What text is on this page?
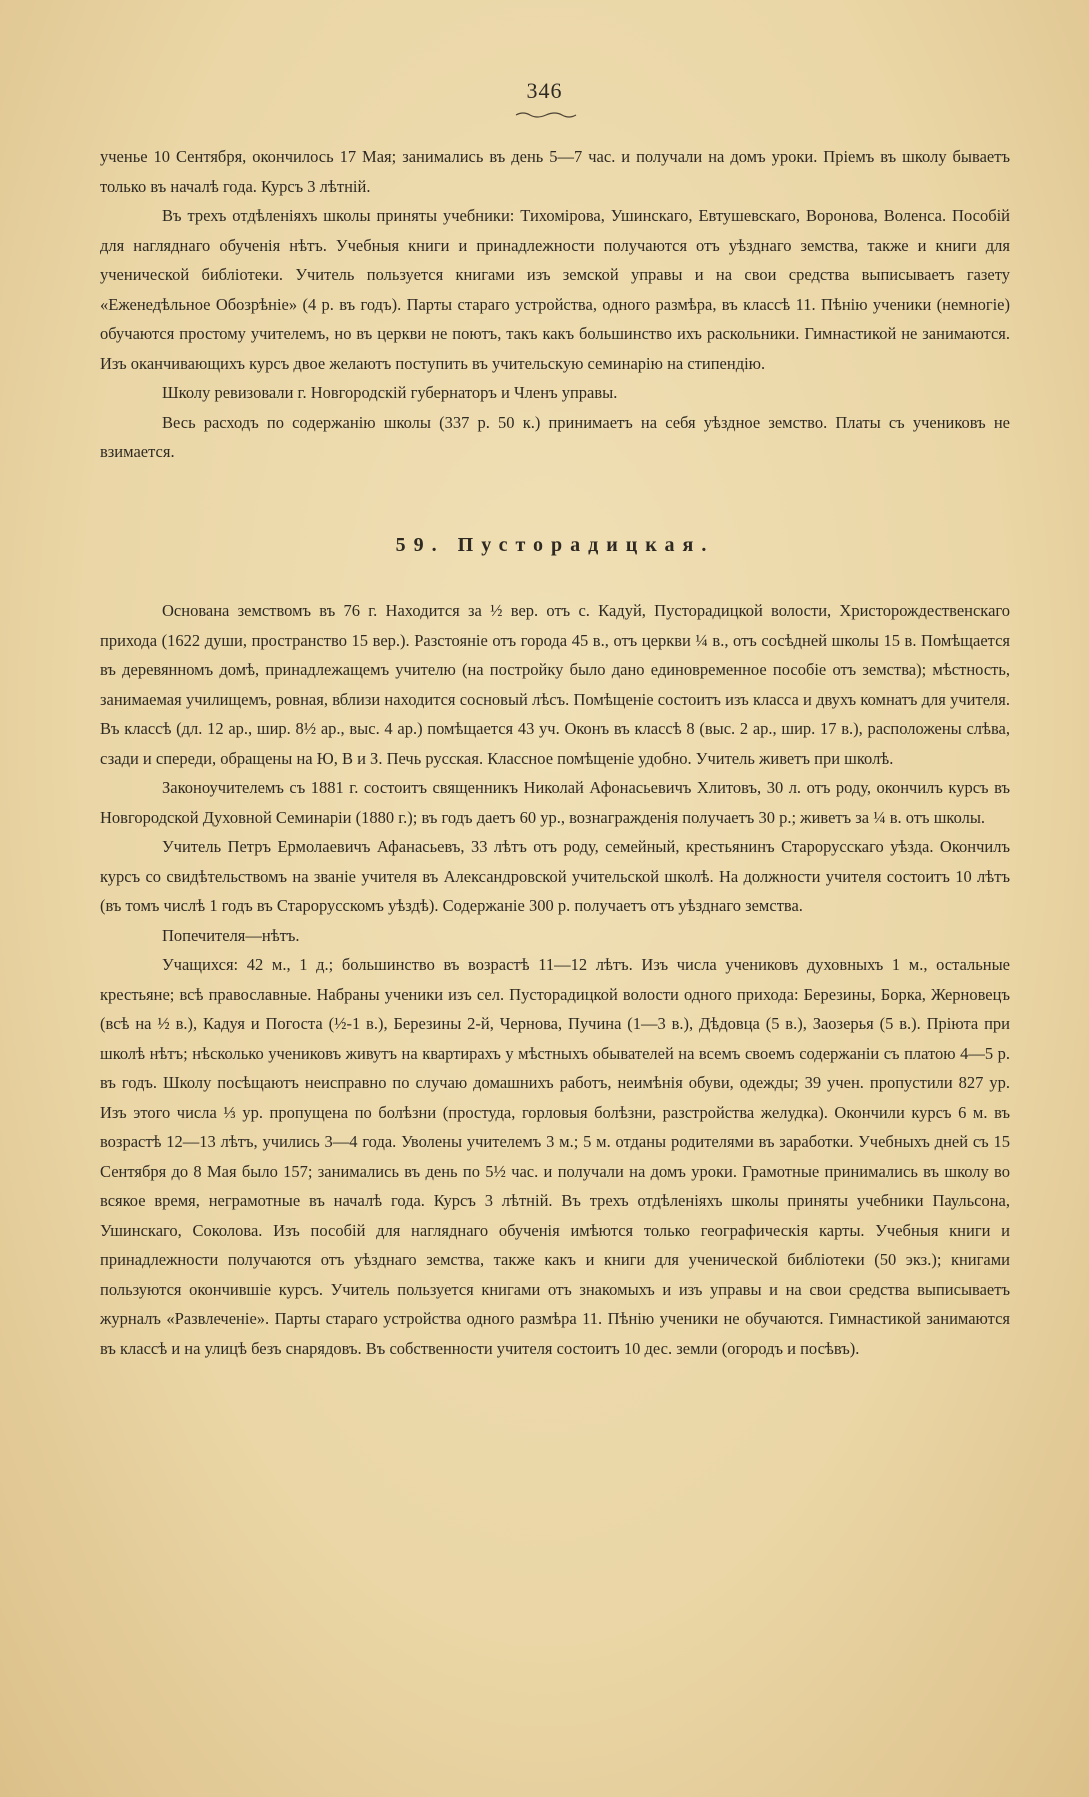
346

ученье 10 Сентября, окончилось 17 Мая; занимались въ день 5—7 час. и получали на домъ уроки. Пріемъ въ школу бываетъ только въ началѣ года. Курсъ 3 лѣтній.

Въ трехъ отдѣленіяхъ школы приняты учебники: Тихомірова, Ушинскаго, Евтушевскаго, Воронова, Воленса. Пособій для нагляднаго обученія нѣтъ. Учебныя книги и принадлежности получаются отъ уѣзднаго земства, также и книги для ученической библіотеки. Учитель пользуется книгами изъ земской управы и на свои средства выписываетъ газету «Еженедѣльное Обозрѣніе» (4 р. въ годъ). Парты стараго устройства, одного размѣра, въ классѣ 11. Пѣнію ученики (немногіе) обучаются простому учителемъ, но въ церкви не поютъ, такъ какъ большинство ихъ раскольники. Гимнастикой не занимаются. Изъ оканчивающихъ курсъ двое желаютъ поступить въ учительскую семинарію на стипендію.

Школу ревизовали г. Новгородскій губернаторъ и Членъ управы.

Весь расходъ по содержанію школы (337 р. 50 к.) принимаетъ на себя уѣздное земство. Платы съ учениковъ не взимается.

59. Пусторадицкая.

Основана земствомъ въ 76 г. Находится за ½ вер. отъ с. Кадуй, Пусторадицкой волости, Христорождественскаго прихода (1622 души, пространство 15 вер.). Разстояніе отъ города 45 в., отъ церкви ¼ в., отъ сосѣдней школы 15 в. Помѣщается въ деревянномъ домѣ, принадлежащемъ учителю (на постройку было дано единовременное пособіе отъ земства); мѣстность, занимаемая училищемъ, ровная, вблизи находится сосновый лѣсъ. Помѣщеніе состоитъ изъ класса и двухъ комнатъ для учителя. Въ классѣ (дл. 12 ар., шир. 8½ ар., выс. 4 ар.) помѣщается 43 уч. Оконъ въ классѣ 8 (выс. 2 ар., шир. 17 в.), расположены слѣва, сзади и спереди, обращены на Ю, В и З. Печь русская. Классное помѣщеніе удобно. Учитель живетъ при школѣ.

Законоучителемъ съ 1881 г. состоитъ священникъ Николай Афонасьевичъ Хлитовъ, 30 л. отъ роду, окончилъ курсъ въ Новгородской Духовной Семинаріи (1880 г.); въ годъ даетъ 60 ур., вознагражденія получаетъ 30 р.; живетъ за ¼ в. отъ школы.

Учитель Петръ Ермолаевичъ Афанасьевъ, 33 лѣтъ отъ роду, семейный, крестьянинъ Старорусскаго уѣзда. Окончилъ курсъ со свидѣтельствомъ на званіе учителя въ Александровской учительской школѣ. На должности учителя состоитъ 10 лѣтъ (въ томъ числѣ 1 годъ въ Старорусскомъ уѣздѣ). Содержаніе 300 р. получаетъ отъ уѣзднаго земства.

Попечителя—нѣтъ.

Учащихся: 42 м., 1 д.; большинство въ возрастѣ 11—12 лѣтъ. Изъ числа учениковъ духовныхъ 1 м., остальные крестьяне; всѣ православные. Набраны ученики изъ сел. Пусторадицкой волости одного прихода: Березины, Борка, Жерновецъ (всѣ на ½ в.), Кадуя и Погоста (½-1 в.), Березины 2-й, Чернова, Пучина (1—3 в.), Дѣдовца (5 в.), Заозерья (5 в.). Пріюта при школѣ нѣтъ; нѣсколько учениковъ живутъ на квартирахъ у мѣстныхъ обывателей на всемъ своемъ содержаніи съ платою 4—5 р. въ годъ. Школу посѣщаютъ неисправно по случаю домашнихъ работъ, неимѣнія обуви, одежды; 39 учен. пропустили 827 ур. Изъ этого числа ⅓ ур. пропущена по болѣзни (простуда, горловыя болѣзни, разстройства желудка). Окончили курсъ 6 м. въ возрастѣ 12—13 лѣтъ, учились 3—4 года. Уволены учителемъ 3 м.; 5 м. отданы родителями въ заработки. Учебныхъ дней съ 15 Сентября до 8 Мая было 157; занимались въ день по 5½ час. и получали на домъ уроки. Грамотные принимались въ школу во всякое время, неграмотные въ началѣ года. Курсъ 3 лѣтній. Въ трехъ отдѣленіяхъ школы приняты учебники Паульсона, Ушинскаго, Соколова. Изъ пособій для нагляднаго обученія имѣются только географическія карты. Учебныя книги и принадлежности получаются отъ уѣзднаго земства, также какъ и книги для ученической библіотеки (50 экз.); книгами пользуются окончившіе курсъ. Учитель пользуется книгами отъ знакомыхъ и изъ управы и на свои средства выписываетъ журналъ «Развлеченіе». Парты стараго устройства одного размѣра 11. Пѣнію ученики не обучаются. Гимнастикой занимаются въ классѣ и на улицѣ безъ снарядовъ. Въ собственности учителя состоитъ 10 дес. земли (огородъ и посѣвъ).
